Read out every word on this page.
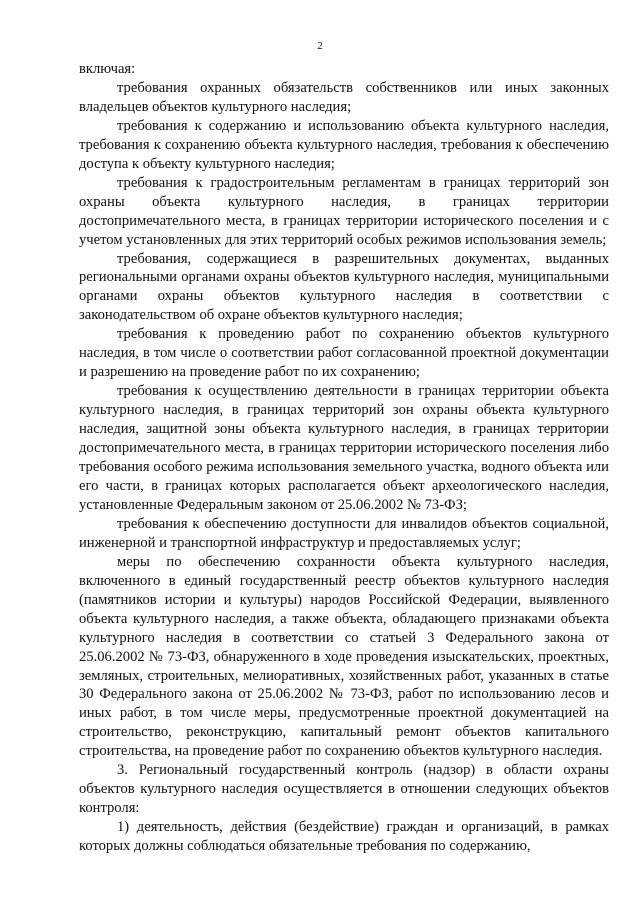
2

включая:

требования охранных обязательств собственников или иных законных владельцев объектов культурного наследия;

требования к содержанию и использованию объекта культурного наследия, требования к сохранению объекта культурного наследия, требования к обеспечению доступа к объекту культурного наследия;

требования к градостроительным регламентам в границах территорий зон охраны объекта культурного наследия, в границах территории достопримечательного места, в границах территории исторического поселения и с учетом установленных для этих территорий особых режимов использования земель;

требования, содержащиеся в разрешительных документах, выданных региональными органами охраны объектов культурного наследия, муниципальными органами охраны объектов культурного наследия в соответствии с законодательством об охране объектов культурного наследия;

требования к проведению работ по сохранению объектов культурного наследия, в том числе о соответствии работ согласованной проектной документации и разрешению на проведение работ по их сохранению;

требования к осуществлению деятельности в границах территории объекта культурного наследия, в границах территорий зон охраны объекта культурного наследия, защитной зоны объекта культурного наследия, в границах территории достопримечательного места, в границах территории исторического поселения либо требования особого режима использования земельного участка, водного объекта или его части, в границах которых располагается объект археологического наследия, установленные Федеральным законом от 25.06.2002 № 73-ФЗ;

требования к обеспечению доступности для инвалидов объектов социальной, инженерной и транспортной инфраструктур и предоставляемых услуг;

меры по обеспечению сохранности объекта культурного наследия, включенного в единый государственный реестр объектов культурного наследия (памятников истории и культуры) народов Российской Федерации, выявленного объекта культурного наследия, а также объекта, обладающего признаками объекта культурного наследия в соответствии со статьей 3 Федерального закона от 25.06.2002 № 73-ФЗ, обнаруженного в ходе проведения изыскательских, проектных, земляных, строительных, мелиоративных, хозяйственных работ, указанных в статье 30 Федерального закона от 25.06.2002 № 73-ФЗ, работ по использованию лесов и иных работ, в том числе меры, предусмотренные проектной документацией на строительство, реконструкцию, капитальный ремонт объектов капитального строительства, на проведение работ по сохранению объектов культурного наследия.

3. Региональный государственный контроль (надзор) в области охраны объектов культурного наследия осуществляется в отношении следующих объектов контроля:

1) деятельность, действия (бездействие) граждан и организаций, в рамках которых должны соблюдаться обязательные требования по содержанию,
